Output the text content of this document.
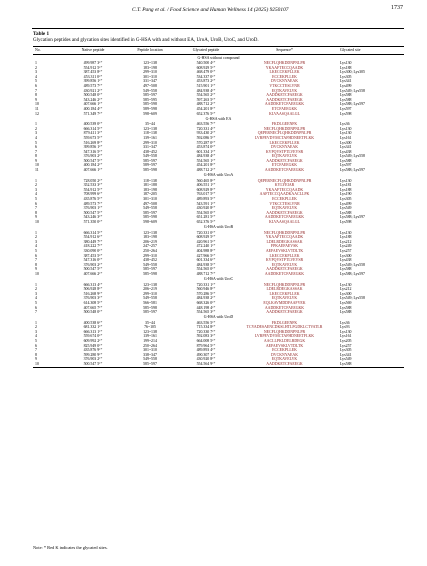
C.T. Pang et al. / Food Science and Human Wellness 14 (2025) 9250107	1737
Table 1
Glycation peptides and glycation sites identified in G-HSA with and without EA, UroA, UroB, UroC, and UroD.
No.	Native peptide	Peptide location	Glycated peptide	Sequence*	Glycated site
G-HSA without compound					
1	499.987 3³⁺	123~138	540.500 4³⁺	NECFLQHKDDNPNLPR	Lys130
2	554.912 5³⁺	183~198	608.929 5³⁺	YKAAFTECCQAADK	Lys188
3	387.453 8³⁺	299~310	468.479 0³⁺	LKECCEKPLLEK	Lys300; Lys305
4	453.311 0³⁺	301~310	534.337 0³⁺	ECCEKPLLEK	Lys305
5	399.856 1³⁺	331~347	453.873 2³⁺	DVCKNYAEAK	Lys341
6	489.573 7²⁺	497~508	515.901 1²⁺	VTKCCTESLVNR	Lys499
7	430.921 2²⁺	549~558	484.938 4²⁺	EQTKAVELVK	Lys549; Lys558
8	500.548 0²⁺	585~597	554.565 2²⁺	AADDKETCFAEEGK	Lys588
9	543.246 2²⁺	585~595	597.263 5²⁺	AADDKETCFAEEGK	Lys588
10	407.666 1²⁺	585~598	488.712 2²⁺	AADDKETCFAEEGKK	Lys588; Lys597
11	400.184 4²⁺	589~598	454.201 8²⁺	ETCFAEEGKK	Lys597
12	571.349 7³⁺	598~609	652.376 5³⁺	KLVAASQAALGL	Lys598
G-HSA with EA					
1	400.539 0²⁺	35~44	463.556 7²⁺	FKDLGEENFK	Lys36
2	666.314 5²⁺	123~138	720.331 4²⁺	NECFLQHKDDNPNLPR	Lys130
3	879.411 3²⁺	118~138	933.430 2²⁺	QEPERNECFLQHKDDNPNLPR	Lys130
4	559.673 5²⁺	139~161	592.086 5²⁺	LVRPEVDVMCTAFHDNEETFLKK	Lys161
5	516.269 8²⁺	299~310	570.287 0²⁺	LKECCEKPLLEK	Lys300
6	399.856 1³⁺	331~347	453.874 0³⁺	DVCKNYAEAK	Lys341
7	547.316 5²⁺	438~452	601.334 1²⁺	KVPQVSTPTLVEVSR	Lys438
8	376.903 2²⁺	549~558	484.938 4²⁺	EQTKAVELVK	Lys549; Lys558
9	500.547 5²⁺	585~597	554.565 1²⁺	AADDKETCFAEEGK	Lys588
10	400.184 2²⁺	589~597	454.201 8²⁺	ETCFAEEGKK	Lys597
11	407.666 1²⁺	585~598	488.712 2²⁺	AADDKETCFAEEGKK	Lys588; Lys597
G-HSA with UroA					
1	728.050 2³⁺	118~138	560.465 8³⁺	QEPERNECFLQHKDDNPNLPR	Lys130
2	352.533 3²⁺	181~188	406.551 1²⁺	KYLYEIAR	Lys181
3	554.912 5²⁺	183~198	608.929 8²⁺	YKAAFTECCQAADK	Lys188
4	708.999 6²⁺	187~205	763.017 5²⁺	AAFTECCQAADKAACLLPK	Lys190
5	435.876 5²⁺	301~310	489.893 5²⁺	ECCEKPLLEK	Lys305
6	489.573 7²⁺	497~508	543.591 1²⁺	VTKCCTESLVNR	Lys499
7	376.903 1²⁺	549~558	430.920 8²⁺	EQTKAVELVK	Lys549
8	500.547 5²⁺	585~597	554.565 0²⁺	AADDKETCFAEEGK	Lys588
9	543.246 3²⁺	585~598	651.281 5²⁺	AADDKETCFAEEGKK	Lys588; Lys597
10	571.350 0³⁺	598~609	652.376 5³⁺	KLVAASQAALGL	Lys598
G-HSA with UroB					
1	666.314 5²⁺	123~138	720.331 0²⁺	NECFLQHKDDNPNLPR	Lys130
2	554.912 6²⁺	183~198	608.929 5²⁺	YKAAFTECCQAADK	Lys188
3	380.449 7²⁺	206~219	420.961 5³⁺	LDELRDEGKASSAK	Lys212
4	418.222 7²⁺	247~257	472.240 1²⁺	FPKAEFAEVSK	Lys249
5	330.090 0²⁺	250~264	404.988 8²⁺	AEFAEVSKLVTDLTK	Lys257
6	387.453 5³⁺	299~310	427.966 5³⁺	LKECCEKPLLEK	Lys300
7	547.316 0²⁺	438~452	601.334 6²⁺	KVPQVSTPTLVEVSR	Lys438
8	376.903 2²⁺	549~558	484.938 5²⁺	EQTKAVELVK	Lys549; Lys558
9	500.547 5²⁺	585~597	554.565 0²⁺	AADDKETCFAEEGK	Lys588
10	407.666 2²⁺	585~598	488.712 7²⁺	AADDKETCFAEEGKK	Lys588; Lys597
G-HSA with UroC					
1	666.313 4²⁺	123~138	720.331 1²⁺	NECFLQHKDDNPNLPR	Lys130
2	506.928 8³⁺	206~219	560.946 8²⁺	LDELRDEGKASSAK	Lys212
3	516.268 9²⁺	299~310	570.286 5²⁺	LKECCEKPLLEK	Lys300
4	376.903 3²⁺	549~558	484.938 2²⁺	EQTKAVELVK	Lys549; Lys558
5	614.308 5²⁺	566~581	668.326 0²⁺	EQLKAVMDDFAAFVEK	Lys569
6	407.665 7²⁺	585~598	448.198 4³⁺	AADDKETCFAEEGKK	Lys588
7	500.548 0²⁺	585~597	554.565 3²⁺	AADDKETCFAEEGK	Lys588
G-HSA with UroD					
1	400.538 6²⁺	35~44	463.556 5²⁺	FKDLGEENFK	Lys36
2	681.332 1³⁺	76~105	715.334 8³⁺	TCVADESAENCDKSLHTLFGDKLCTVATLR	Lys93
3	666.313 1²⁺	123~138	720.330 7²⁺	NECFLQHKDDNPNLPR	Lys130
4	559.674 0³⁺	139~161	592.083 3³⁺	LVRPEVDVMCTAFHDNEETFLKK	Lys161
5	609.992 2³⁺	199~214	664.008 5³⁺	AACLLPKLDELRDEGK	Lys205
6	825.949 0²⁺	250~264	879.964 5²⁺	AEFAEVSKLVTDLTK	Lys257
7	435.876 9²⁺	301~310	489.893 4²⁺	ECCEKPLLEK	Lys305
8	599.280 9²⁺	338~347	490.307 1³⁺	DVCKNYAEAK	Lys341
9	376.903 2²⁺	549~558	430.920 8²⁺	EQTKAVELVK	Lys549
10	500.547 5²⁺	585~597	554.564 9²⁺	AADDKETCFAEEGK	Lys588
Note: * Red K indicates the glycated sites.
